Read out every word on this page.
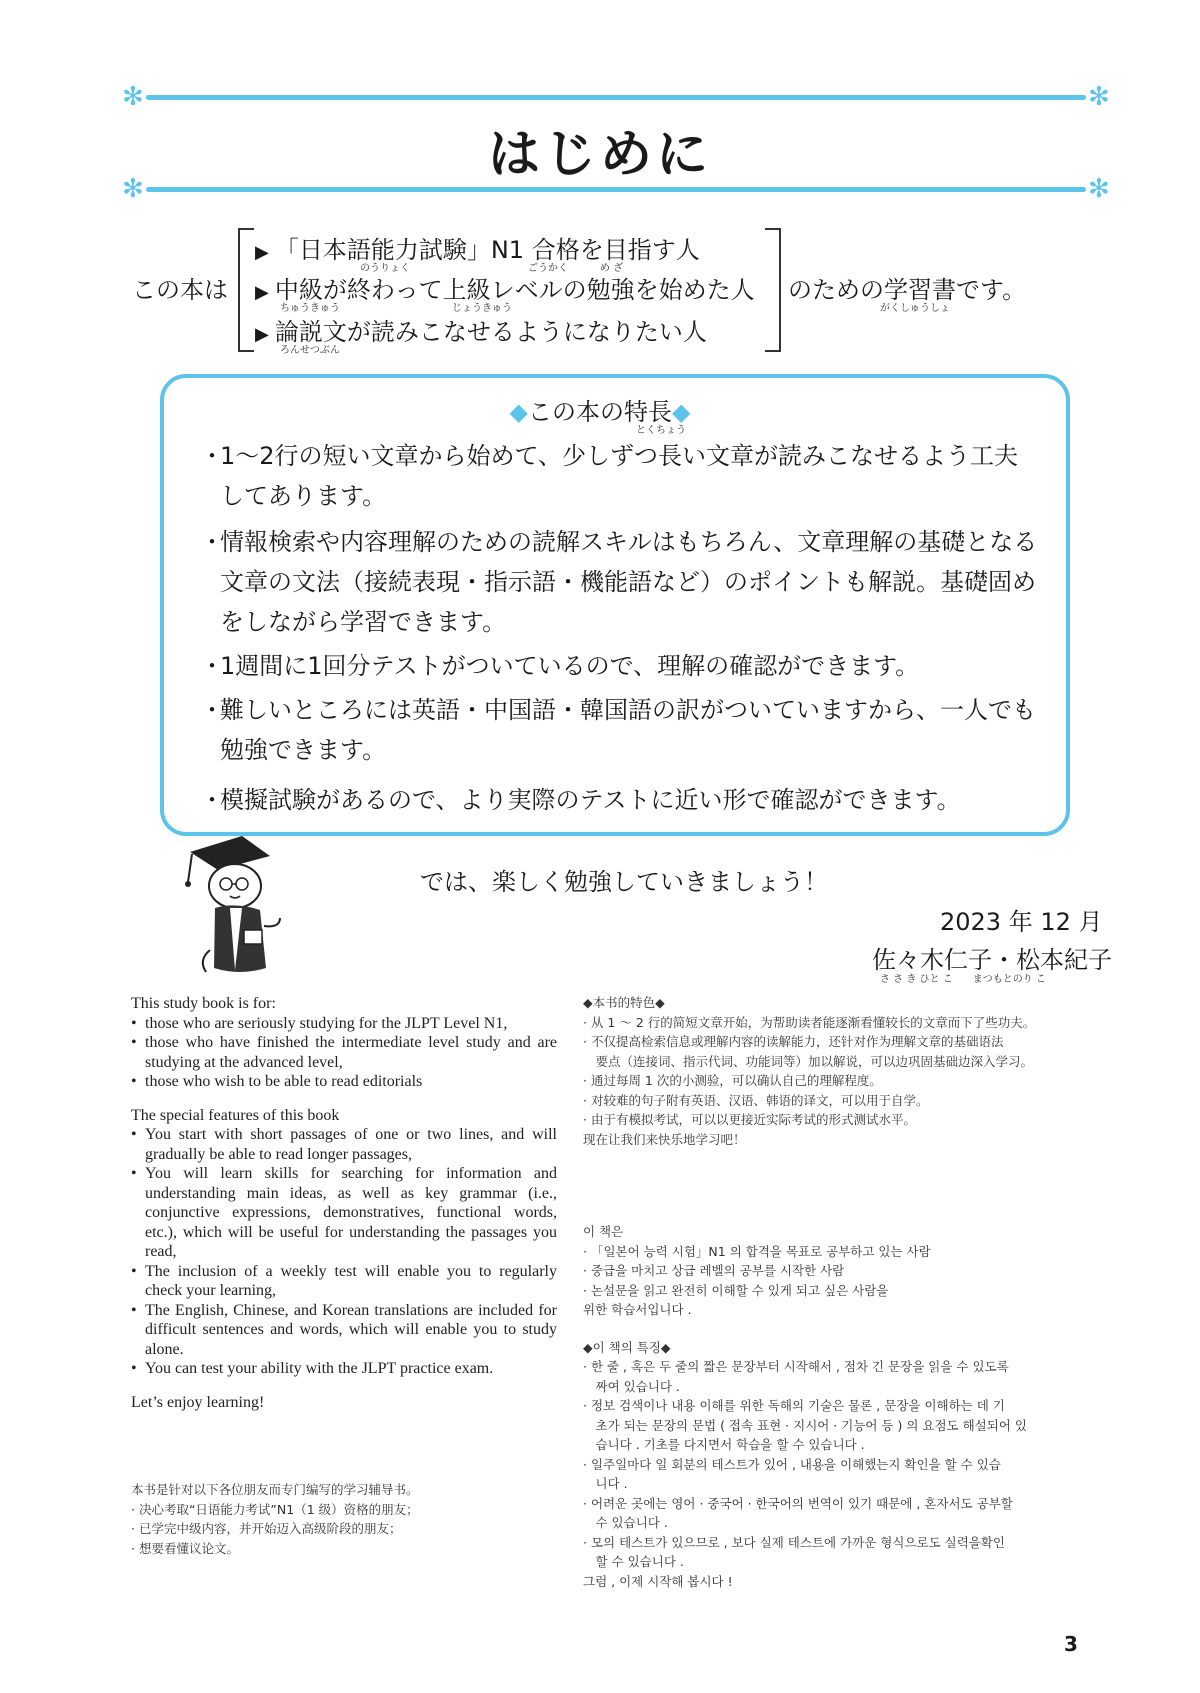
✻	✻
✻	✻
はじめに
この本は
▶ 「日本語能力試験」N1 合格を目指す人
▶ 中級が終わって上級レベルの勉強を始めた人
▶ 論説文が読みこなせるようになりたい人
のうりょく	ごうかく	め ざ
ちゅうきゅう	じょうきゅう
ろんせつぶん
のための学習書です。
がくしゅうしょ
◆この本の特長◆
とくちょう
・
1～2行の短い文章から始めて、少しずつ長い文章が読みこなせるよう工夫してあります。
・
情報検索や内容理解のための読解スキルはもちろん、文章理解の基礎となる文章の文法（接続表現・指示語・機能語など）のポイントも解説。基礎固めをしながら学習できます。
・
1週間に1回分テストがついているので、理解の確認ができます。
・
難しいところには英語・中国語・韓国語の訳がついていますから、一人でも勉強できます。
・
模擬試験があるので、より実際のテストに近い形で確認ができます。
では、楽しく勉強していきましょう！
2023 年 12 月
佐々木仁子・松本紀子
さ さ き ひと こ　　まつもとのり こ

This study book is for:

• those who are seriously studying for the JLPT Level N1,
• those who have finished the intermediate level study and are studying at the advanced level,
• those who wish to be able to read editorials

The special features of this book

• You start with short passages of one or two lines, and will gradually be able to read longer passages,
• You will learn skills for searching for information and understanding main ideas, as well as key grammar (i.e., conjunctive expressions, demonstratives, functional words, etc.), which will be useful for understanding the passages you read,
• The inclusion of a weekly test will enable you to regularly check your learning,
• The English, Chinese, and Korean translations are included for difficult sentences and words, which will enable you to study alone.
• You can test your ability with the JLPT practice exam.

Let’s enjoy learning!

本书是针对以下各位朋友而专门编写的学习辅导书。

· 决心考取“日语能力考试”N1（1 级）资格的朋友；

· 已学完中级内容，并开始迈入高级阶段的朋友；

· 想要看懂议论文。

◆本书的特色◆

· 从 1 ～ 2 行的简短文章开始，为帮助读者能逐渐看懂较长的文章而下了些功夫。

· 不仅提高检索信息或理解内容的读解能力，还针对作为理解文章的基础语法

　要点（连接词、指示代词、功能词等）加以解说，可以边巩固基础边深入学习。

· 通过每周 1 次的小测验，可以确认自己的理解程度。

· 对较难的句子附有英语、汉语、韩语的译文，可以用于自学。

· 由于有模拟考试，可以以更接近实际考试的形式测试水平。

现在让我们来快乐地学习吧！

이 책은

· 「일본어 능력 시험」N1 의 합격을 목표로 공부하고 있는 사람

· 중급을 마치고 상급 레벨의 공부를 시작한 사람

· 논설문을 읽고 완전히 이해할 수 있게 되고 싶은 사람을

위한 학습서입니다 .

◆이 책의 특징◆

· 한 줄 , 혹은 두 줄의 짧은 문장부터 시작해서 , 점차 긴 문장을 읽을 수 있도록

　짜여 있습니다 .

· 정보 검색이나 내용 이해를 위한 독해의 기술은 물론 , 문장을 이해하는 데 기

　초가 되는 문장의 문법 ( 접속 표현 · 지시어 · 기능어 등 ) 의 요점도 해설되어 있

　습니다 . 기초를 다지면서 학습을 할 수 있습니다 .

· 일주일마다 일 회분의 테스트가 있어 , 내용을 이해했는지 확인을 할 수 있습

　니다 .

· 어려운 곳에는 영어 · 중국어 · 한국어의 번역이 있기 때문에 , 혼자서도 공부할

　수 있습니다 .

· 모의 테스트가 있으므로 , 보다 실제 테스트에 가까운 형식으로도 실력을확인

　할 수 있습니다 .

그럼 , 이제 시작해 봅시다 !

3
